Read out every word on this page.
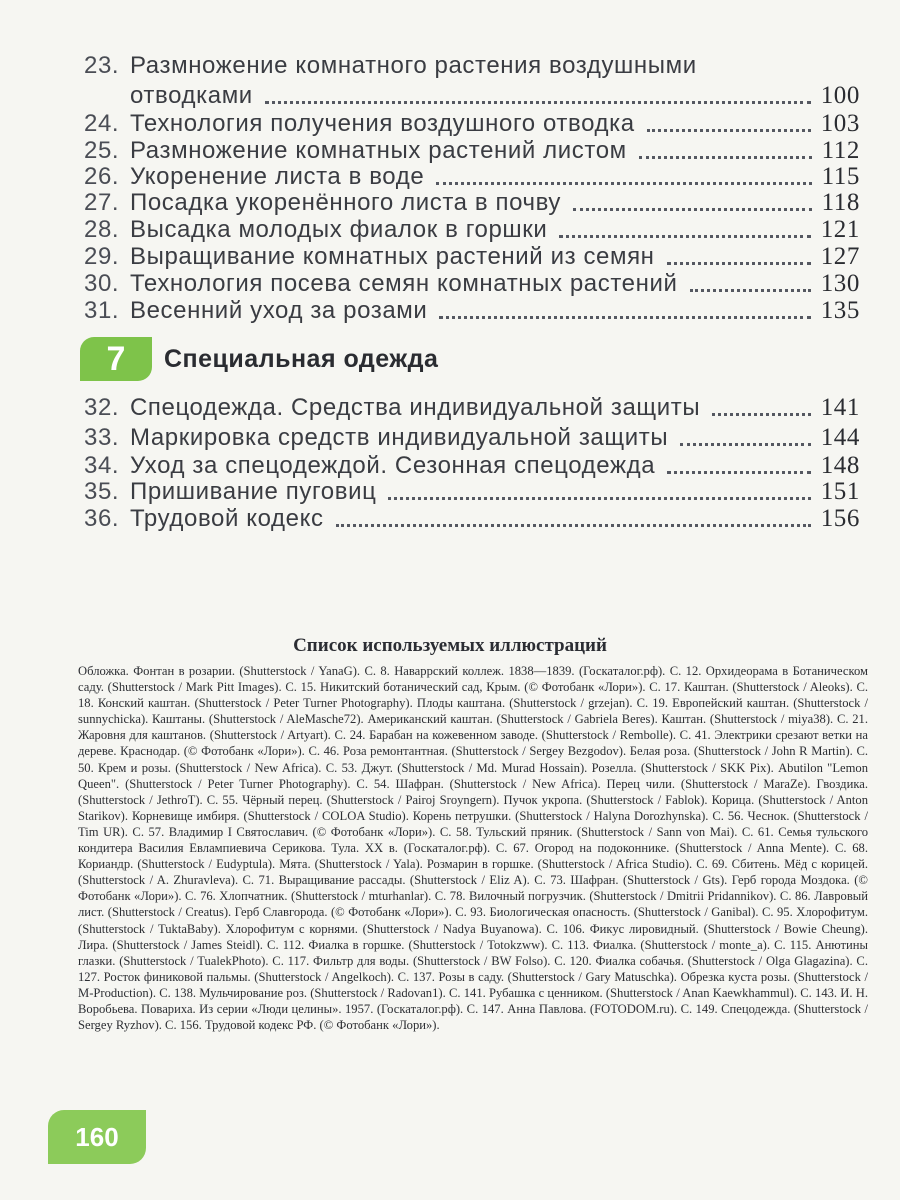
23. Размножение комнатного растения воздушными
отводками	100
24. Технология получения воздушного отводка	103
25. Размножение комнатных растений листом	112
26. Укоренение листа в воде	115
27. Посадка укоренённого листа в почву	118
28. Высадка молодых фиалок в горшки	121
29. Выращивание комнатных растений из семян	127
30. Технология посева семян комнатных растений	130
31. Весенний уход за розами	135
7	Специальная одежда
32. Спецодежда. Средства индивидуальной защиты	141
33. Маркировка средств индивидуальной защиты	144
34. Уход за спецодеждой. Сезонная спецодежда	148
35. Пришивание пуговиц	151
36. Трудовой кодекс	156
Список используемых иллюстраций
Обложка. Фонтан в розарии. (Shutterstock / YanaG). С. 8. Наваррский коллеж. 1838—1839. (Госкаталог.рф). С. 12. Орхидеорама в Ботаническом саду. (Shutterstock / Mark Pitt Images). С. 15. Никитский ботанический сад, Крым. (© Фотобанк «Лори»). С. 17. Каштан. (Shutterstock / Aleoks). С. 18. Конский каштан. (Shutterstock / Peter Turner Photography). Плоды каштана. (Shutterstock / grzejan). С. 19. Европейский каштан. (Shutterstock / sunnychicka). Каштаны. (Shutterstock / AleMasche72). Американский каштан. (Shutterstock / Gabriela Beres). Каштан. (Shutterstock / miya38). С. 21. Жаровня для каштанов. (Shutterstock / Artyart). С. 24. Барабан на кожевенном заводе. (Shutterstock / Rembolle). С. 41. Электрики срезают ветки на дереве. Краснодар. (© Фотобанк «Лори»). С. 46. Роза ремонтантная. (Shutterstock / Sergey Bezgodov). Белая роза. (Shutterstock / John R Martin). С. 50. Крем и розы. (Shutterstock / New Africa). С. 53. Джут. (Shutterstock / Md. Murad Hossain). Розелла. (Shutterstock / SKK Pix). Abutilon "Lemon Queen". (Shutterstock / Peter Turner Photography). С. 54. Шафран. (Shutterstock / New Africa). Перец чили. (Shutterstock / MaraZe). Гвоздика. (Shutterstock / JethroT). С. 55. Чёрный перец. (Shutterstock / Pairoj Sroyngern). Пучок укропа. (Shutterstock / Fablok). Корица. (Shutterstock / Anton Starikov). Корневище имбиря. (Shutterstock / COLOA Studio). Корень петрушки. (Shutterstock / Halyna Dorozhynska). С. 56. Чеснок. (Shutterstock / Tim UR). С. 57. Владимир I Святославич. (© Фотобанк «Лори»). С. 58. Тульский пряник. (Shutterstock / Sann von Mai). С. 61. Семья тульского кондитера Василия Евлампиевича Серикова. Тула. XX в. (Госкаталог.рф). С. 67. Огород на подоконнике. (Shutterstock / Anna Mente). С. 68. Кориандр. (Shutterstock / Eudyptula). Мята. (Shutterstock / Yala). Розмарин в горшке. (Shutterstock / Africa Studio). С. 69. Сбитень. Мёд с корицей. (Shutterstock / A. Zhuravleva). С. 71. Выращивание рассады. (Shutterstock / Eliz A). С. 73. Шафран. (Shutterstock / Gts). Герб города Моздока. (© Фотобанк «Лори»). С. 76. Хлопчатник. (Shutterstock / mturhanlar). С. 78. Вилочный погрузчик. (Shutterstock / Dmitrii Pridannikov). С. 86. Лавровый лист. (Shutterstock / Creatus). Герб Славгорода. (© Фотобанк «Лори»). С. 93. Биологическая опасность. (Shutterstock / Ganibal). С. 95. Хлорофитум. (Shutterstock / TuktaBaby). Хлорофитум с корнями. (Shutterstock / Nadya Buyanowa). С. 106. Фикус лировидный. (Shutterstock / Bowie Cheung). Лира. (Shutterstock / James Steidl). С. 112. Фиалка в горшке. (Shutterstock / Totokzww). С. 113. Фиалка. (Shutterstock / monte_a). С. 115. Анютины глазки. (Shutterstock / TualekPhoto). С. 117. Фильтр для воды. (Shutterstock / BW Folso). С. 120. Фиалка собачья. (Shutterstock / Olga Glagazina). С. 127. Росток финиковой пальмы. (Shutterstock / Angelkoch). С. 137. Розы в саду. (Shutterstock / Gary Matuschka). Обрезка куста розы. (Shutterstock / M-Production). С. 138. Мульчирование роз. (Shutterstock / Radovan1). С. 141. Рубашка с ценником. (Shutterstock / Anan Kaewkhammul). С. 143. И. Н. Воробьева. Повариха. Из серии «Люди целины». 1957. (Госкаталог.рф). С. 147. Анна Павлова. (FOTODOM.ru). С. 149. Спецодежда. (Shutterstock / Sergey Ryzhov). С. 156. Трудовой кодекс РФ. (© Фотобанк «Лори»).
160
